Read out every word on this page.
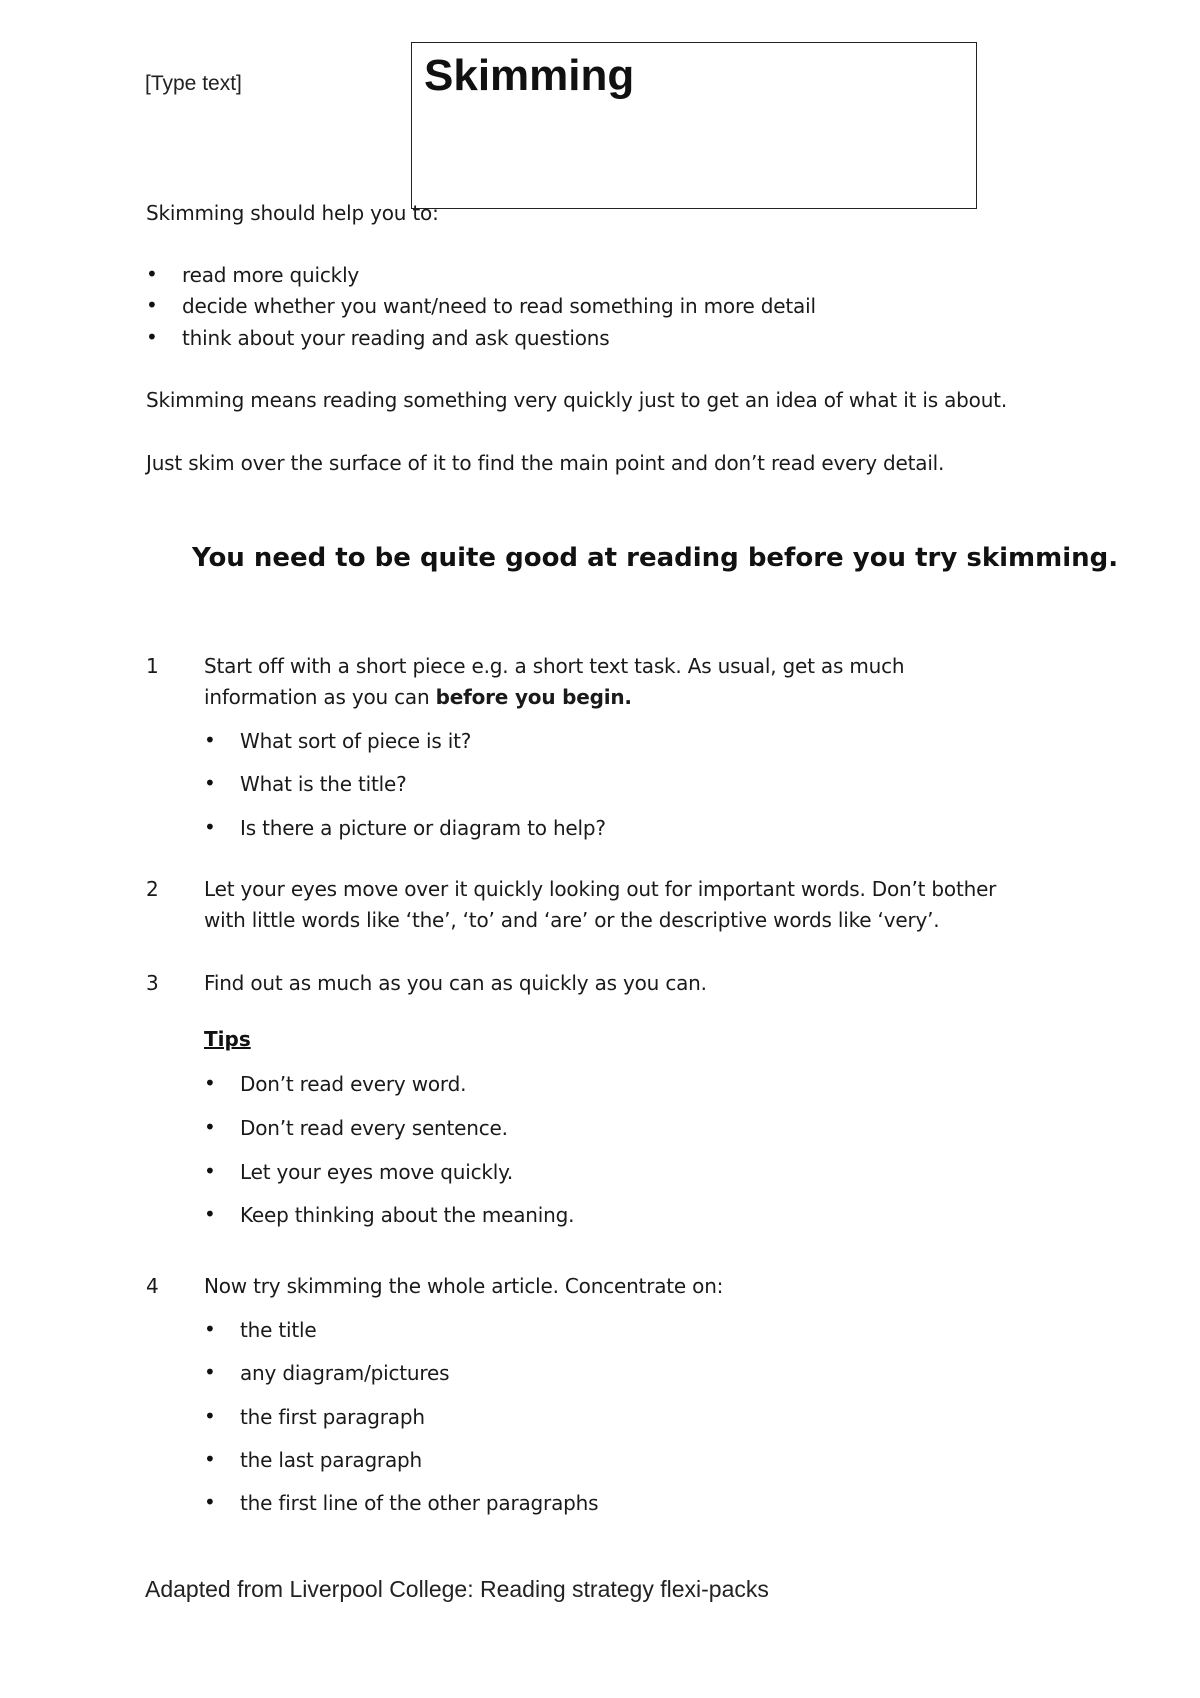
[Type text]	Skimming
Skimming should help you to:
• read more quickly
• decide whether you want/need to read something in more detail
• think about your reading and ask questions
Skimming means reading something very quickly just to get an idea of what it is about.
Just skim over the surface of it to find the main point and don’t read every detail.
You need to be quite good at reading before you try skimming.
1 Start off with a short piece e.g. a short text task. As usual, get as much
information as you can before you begin.
• What sort of piece is it?
• What is the title?
• Is there a picture or diagram to help?
2 Let your eyes move over it quickly looking out for important words. Don’t bother
with little words like ‘the’, ‘to’ and ‘are’ or the descriptive words like ‘very’.
3 Find out as much as you can as quickly as you can.
Tips
• Don’t read every word.
• Don’t read every sentence.
• Let your eyes move quickly.
• Keep thinking about the meaning.
4 Now try skimming the whole article. Concentrate on:
• the title
• any diagram/pictures
• the first paragraph
• the last paragraph
• the first line of the other paragraphs
Adapted from Liverpool College: Reading strategy flexi-packs
